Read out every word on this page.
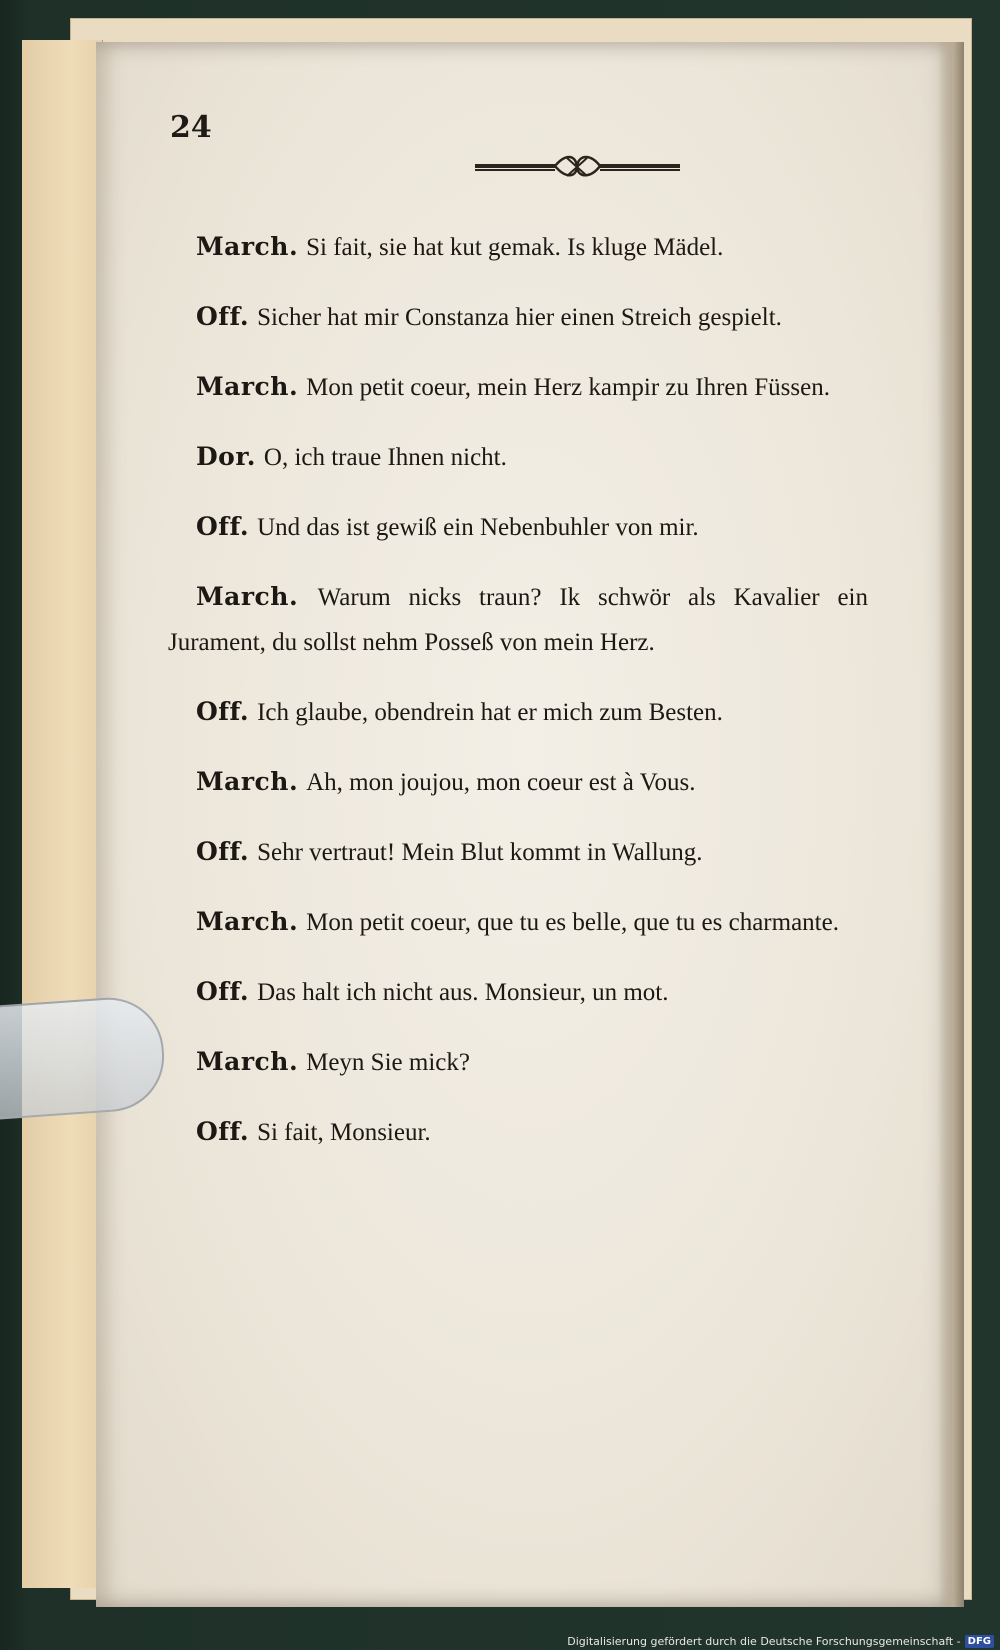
24

March. Si fait, sie hat kut gemak. Is kluge Mädel.

Off. Sicher hat mir Constanza hier einen Streich gespielt.

March. Mon petit coeur, mein Herz kampir zu Ihren Füssen.

Dor. O, ich traue Ihnen nicht.

Off. Und das ist gewiß ein Nebenbuhler von mir.

March. Warum nicks traun? Ik schwör als Kavalier ein Jurament, du sollst nehm Posseß von mein Herz.

Off. Ich glaube, obendrein hat er mich zum Besten.

March. Ah, mon joujou, mon coeur est à Vous.

Off. Sehr vertraut! Mein Blut kommt in Wallung.

March. Mon petit coeur, que tu es belle, que tu es charmante.

Off. Das halt ich nicht aus. Monsieur, un mot.

March. Meyn Sie mick?

Off. Si fait, Monsieur.

Digitalisierung gefördert durch die Deutsche Forschungsgemeinschaft - DFG
